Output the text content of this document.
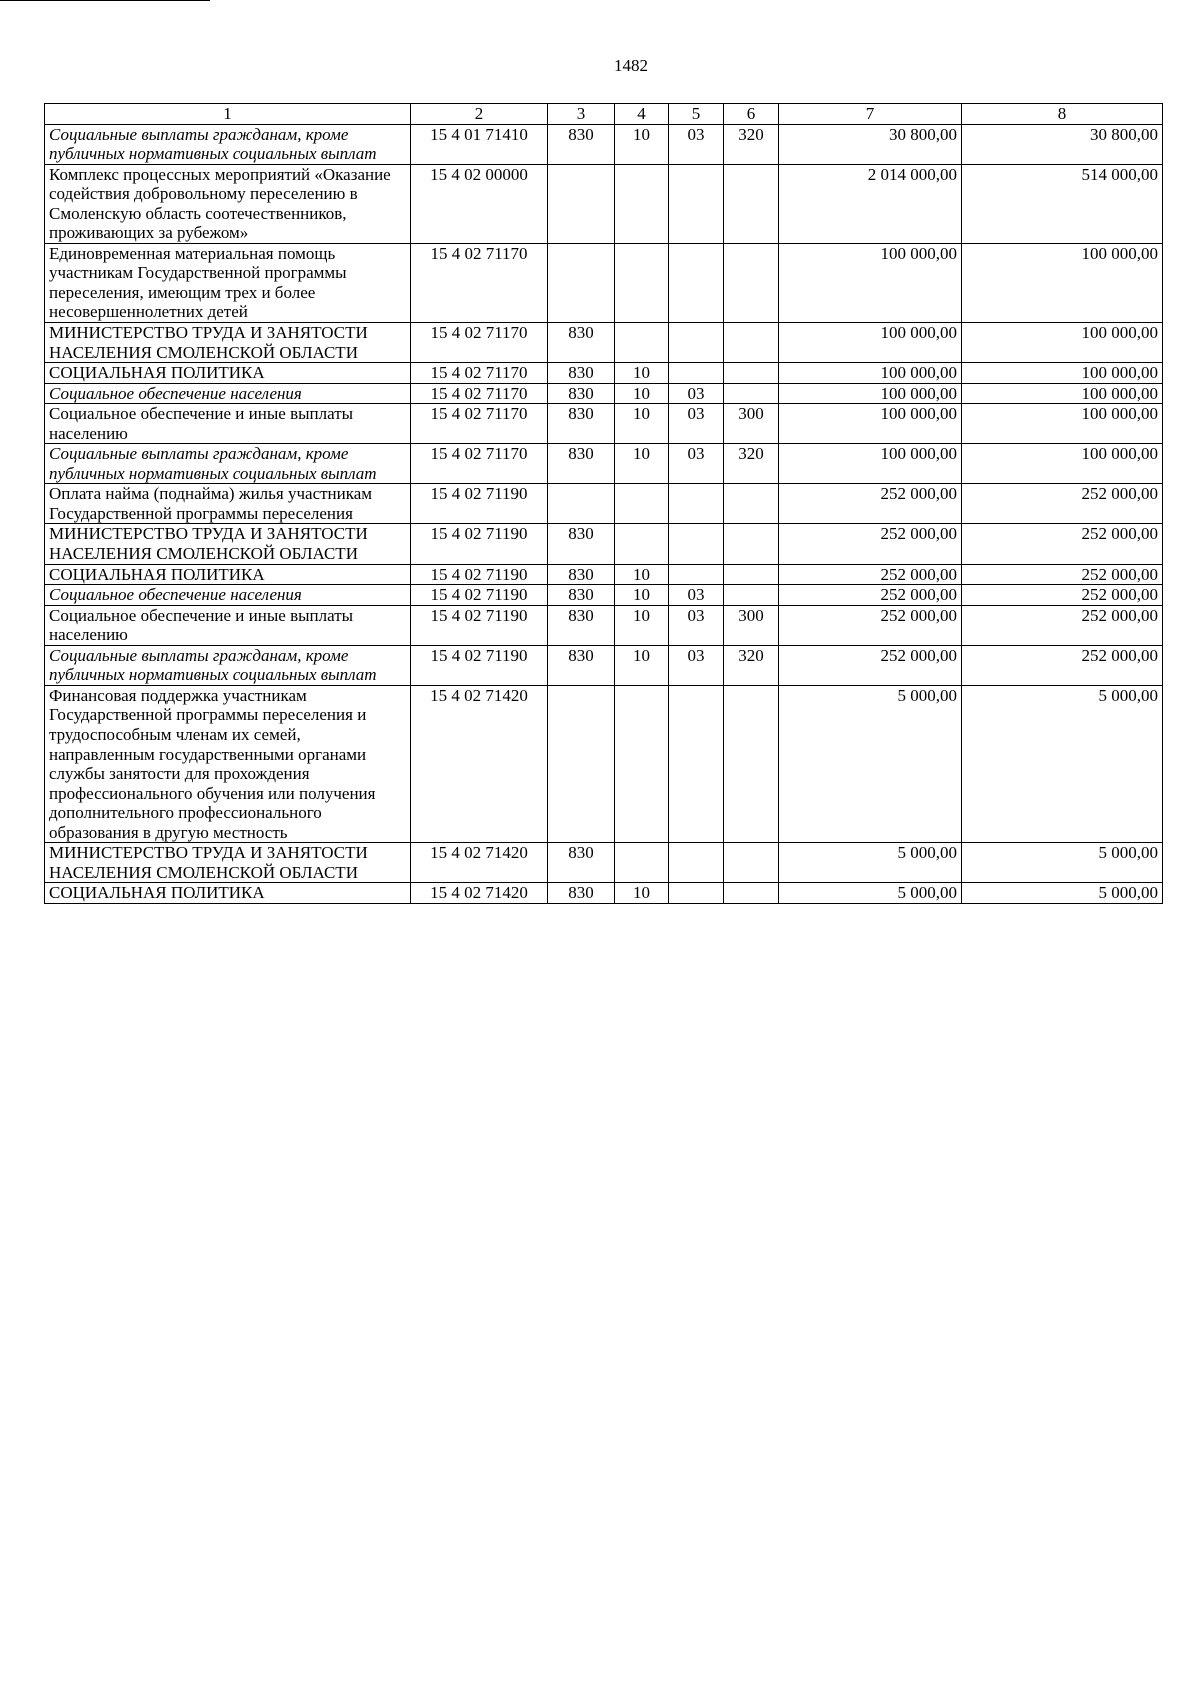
1482
1	2	3	4	5	6	7	8
Социальные выплаты гражданам, кроме публичных нормативных социальных выплат	15 4 01 71410	830	10	03	320	30 800,00	30 800,00
Комплекс процессных мероприятий «Оказание содействия добровольному переселению в Смоленскую область соотечественников, проживающих за рубежом»	15 4 02 00000					2 014 000,00	514 000,00
Единовременная материальная помощь участникам Государственной программы переселения, имеющим трех и более несовершеннолетних детей	15 4 02 71170					100 000,00	100 000,00
МИНИСТЕРСТВО ТРУДА И ЗАНЯТОСТИ НАСЕЛЕНИЯ СМОЛЕНСКОЙ ОБЛАСТИ	15 4 02 71170	830				100 000,00	100 000,00
СОЦИАЛЬНАЯ ПОЛИТИКА	15 4 02 71170	830	10			100 000,00	100 000,00
Социальное обеспечение населения	15 4 02 71170	830	10	03		100 000,00	100 000,00
Социальное обеспечение и иные выплаты населению	15 4 02 71170	830	10	03	300	100 000,00	100 000,00
Социальные выплаты гражданам, кроме публичных нормативных социальных выплат	15 4 02 71170	830	10	03	320	100 000,00	100 000,00
Оплата найма (поднайма) жилья участникам Государственной программы переселения	15 4 02 71190					252 000,00	252 000,00
МИНИСТЕРСТВО ТРУДА И ЗАНЯТОСТИ НАСЕЛЕНИЯ СМОЛЕНСКОЙ ОБЛАСТИ	15 4 02 71190	830				252 000,00	252 000,00
СОЦИАЛЬНАЯ ПОЛИТИКА	15 4 02 71190	830	10			252 000,00	252 000,00
Социальное обеспечение населения	15 4 02 71190	830	10	03		252 000,00	252 000,00
Социальное обеспечение и иные выплаты населению	15 4 02 71190	830	10	03	300	252 000,00	252 000,00
Социальные выплаты гражданам, кроме публичных нормативных социальных выплат	15 4 02 71190	830	10	03	320	252 000,00	252 000,00
Финансовая поддержка участникам Государственной программы переселения и трудоспособным членам их семей, направленным государственными органами службы занятости для прохождения профессионального обучения или получения дополнительного профессионального образования в другую местность	15 4 02 71420					5 000,00	5 000,00
МИНИСТЕРСТВО ТРУДА И ЗАНЯТОСТИ НАСЕЛЕНИЯ СМОЛЕНСКОЙ ОБЛАСТИ	15 4 02 71420	830				5 000,00	5 000,00
СОЦИАЛЬНАЯ ПОЛИТИКА	15 4 02 71420	830	10			5 000,00	5 000,00
